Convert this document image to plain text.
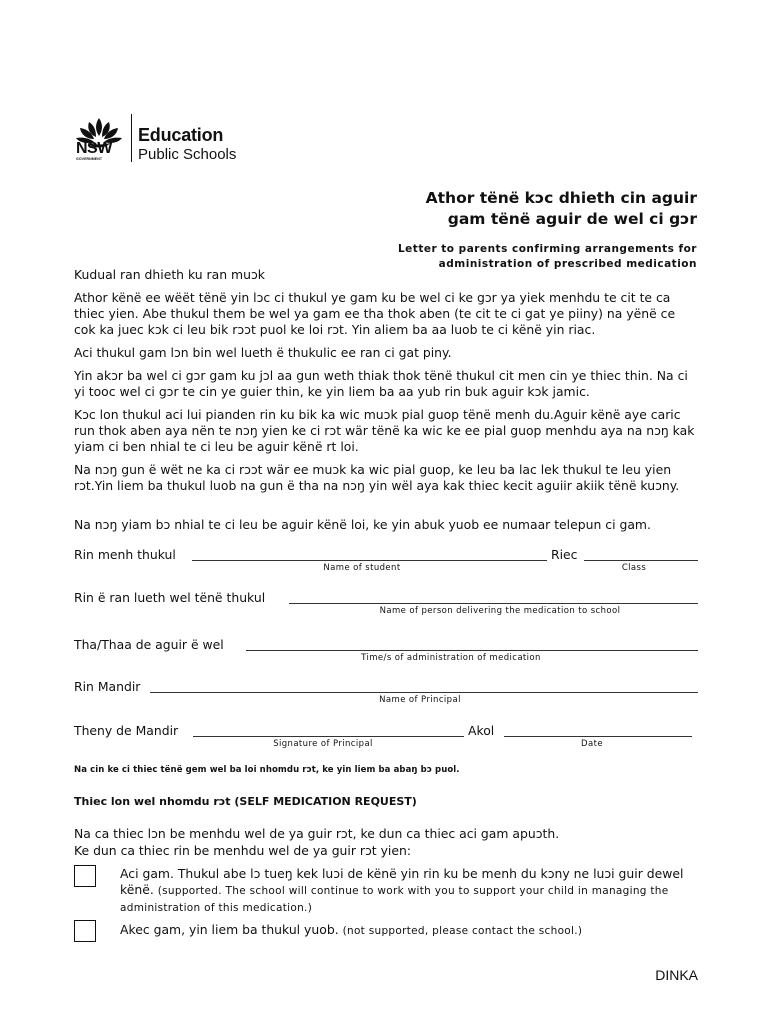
NSW
GOVERNMENT
Education
Public Schools
Athor tënë kɔc dhieth cin aguir
gam tënë aguir de wel ci gɔr
Letter to parents confirming arrangements for
administration of prescribed medication
Kudual ran dhieth ku ran muɔk
Athor kënë ee wëët tënë yin lɔc ci thukul ye gam ku be wel ci ke gɔr ya yiek menhdu te cit te ca thiec yien. Abe thukul them be wel ya gam ee tha thok aben (te cit te ci gat ye piiny) na yënë ce cok ka juec kɔk ci leu bik rɔɔt puol ke loi rɔt. Yin aliem ba aa luob te ci kënë yin riac.
Aci thukul gam lɔn bin wel lueth ë thukulic ee ran ci gat piny.
Yin akɔr ba wel ci gɔr gam ku jɔl aa gun weth thiak thok tënë thukul cit men cin ye thiec thin. Na ci yi tooc wel ci gɔr te cin ye guier thin, ke yin liem ba aa yub rin buk aguir kɔk jamic.
Kɔc lon thukul aci lui pianden rin ku bik ka wic muɔk pial guop tënë menh du.Aguir kënë aye caric run thok aben aya nën te nɔŋ yien ke ci rɔt wär tënë ka wic ke ee pial guop menhdu aya na nɔŋ kak yiam ci ben nhial te ci leu be aguir kënë rt loi.
Na nɔŋ gun ë wët ne ka ci rɔɔt wär ee muɔk ka wic pial guop, ke leu ba lac lek thukul te leu yien rɔt.Yin liem ba thukul luob na gun ë tha na nɔŋ yin wël aya kak thiec kecit aguiir akiik tënë kuɔny.
Na nɔŋ yiam bɔ nhial te ci leu be aguir kënë loi, ke yin abuk yuob ee numaar telepun ci gam.
Rin menh thukul
Name of student
Riec
Class
Rin ë ran lueth wel tënë thukul
Name of person delivering the medication to school
Tha/Thaa de aguir ë wel
Time/s of administration of medication
Rin Mandir
Name of Principal
Theny de Mandir
Signature of Principal
Akol
Date
Na cin ke ci thiec tënë gem wel ba loi nhomdu rɔt, ke yin liem ba abaŋ bɔ puol.
Thiec lon wel nhomdu rɔt (SELF MEDICATION REQUEST)
Na ca thiec lɔn be menhdu wel de ya guir rɔt, ke dun ca thiec aci gam apuɔth.
Ke dun ca thiec rin be menhdu wel de ya guir rɔt yien:
Aci gam. Thukul abe lɔ tueŋ kek luɔi de kënë yin rin ku be menh du kɔny ne luɔi guir dewel kënë. (supported. The school will continue to work with you to support your child in managing the administration of this medication.)
Akec gam, yin liem ba thukul yuob. (not supported, please contact the school.)
DINKA
